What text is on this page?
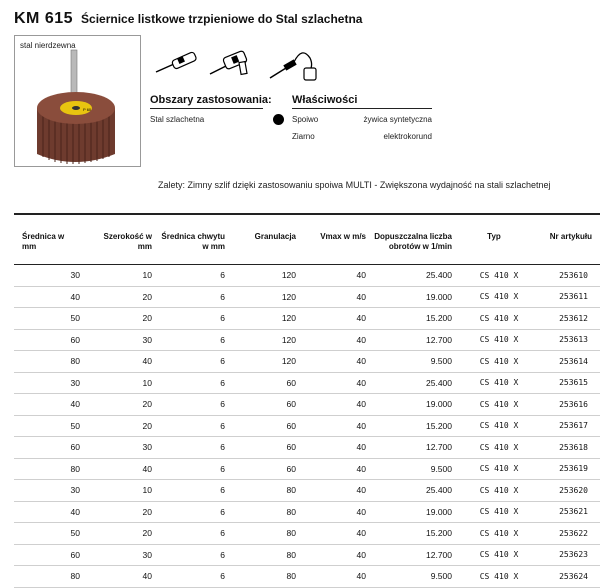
KM 615 Ściernice listkowe trzpieniowe do Stal szlachetna
stal nierdzewna
P 60
Obszary zastosowania:
Stal szlachetna
Właściwości
Spoiwo	żywica syntetyczna
Ziarno	elektrokorund
Zalety: Zimny szlif dzięki zastosowaniu spoiwa MULTI - Zwiększona wydajność na stali szlachetnej
Średnica w mm	Szerokość w mm	Średnica chwytu w mm	Granulacja	Vmax w m/s	Dopuszczalna liczba obrotów w 1/min	Typ	Nr artykułu
30	10	6	120	40	25.400	CS 410 X	253610
40	20	6	120	40	19.000	CS 410 X	253611
50	20	6	120	40	15.200	CS 410 X	253612
60	30	6	120	40	12.700	CS 410 X	253613
80	40	6	120	40	9.500	CS 410 X	253614
30	10	6	60	40	25.400	CS 410 X	253615
40	20	6	60	40	19.000	CS 410 X	253616
50	20	6	60	40	15.200	CS 410 X	253617
60	30	6	60	40	12.700	CS 410 X	253618
80	40	6	60	40	9.500	CS 410 X	253619
30	10	6	80	40	25.400	CS 410 X	253620
40	20	6	80	40	19.000	CS 410 X	253621
50	20	6	80	40	15.200	CS 410 X	253622
60	30	6	80	40	12.700	CS 410 X	253623
80	40	6	80	40	9.500	CS 410 X	253624
